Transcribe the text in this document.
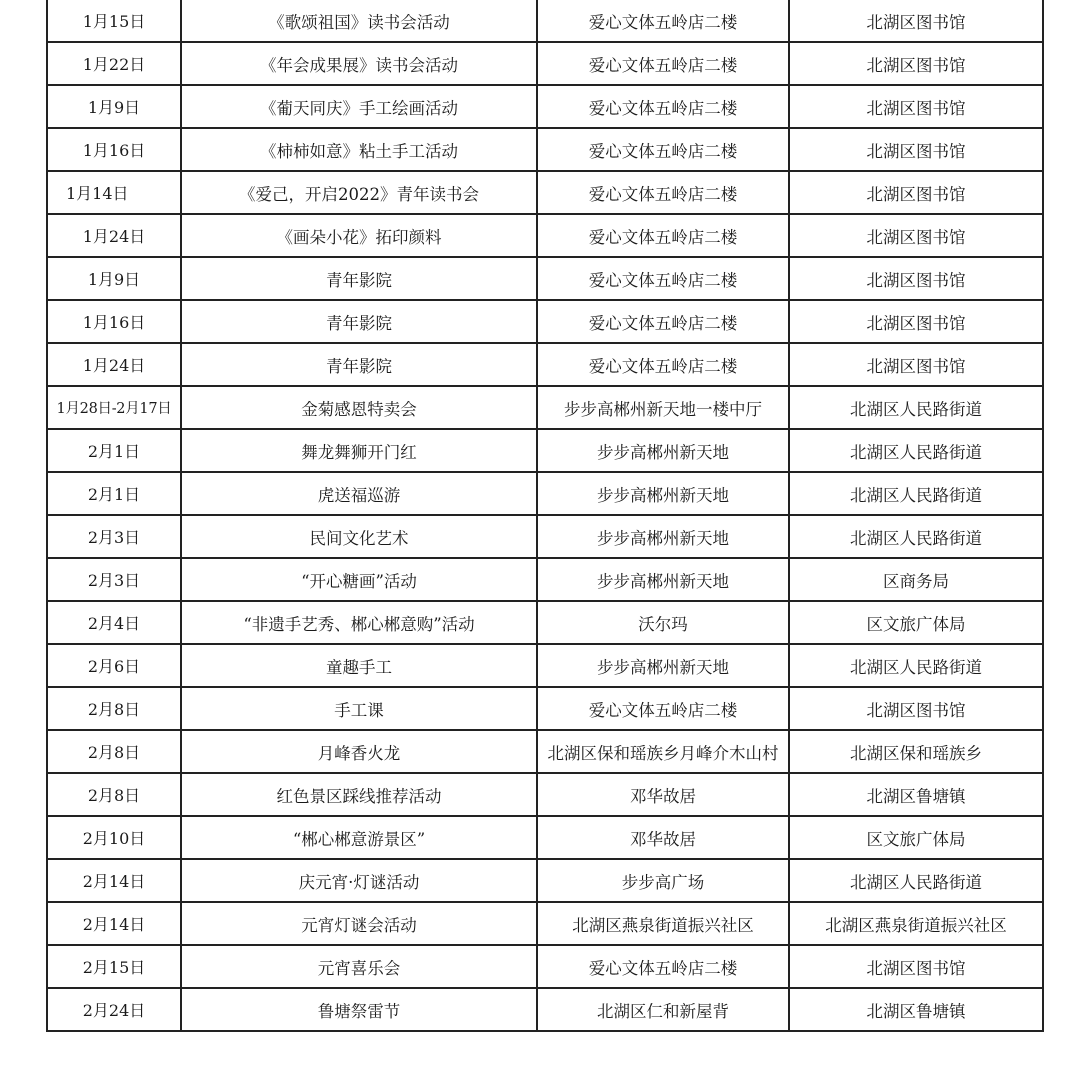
1月15日	《歌颂祖国》读书会活动	爱心文体五岭店二楼	北湖区图书馆
1月22日	《年会成果展》读书会活动	爱心文体五岭店二楼	北湖区图书馆
1月9日	《葡天同庆》手工绘画活动	爱心文体五岭店二楼	北湖区图书馆
1月16日	《柿柿如意》粘土手工活动	爱心文体五岭店二楼	北湖区图书馆
1月14日	《爱己，开启2022》青年读书会	爱心文体五岭店二楼	北湖区图书馆
1月24日	《画朵小花》拓印颜料	爱心文体五岭店二楼	北湖区图书馆
1月9日	青年影院	爱心文体五岭店二楼	北湖区图书馆
1月16日	青年影院	爱心文体五岭店二楼	北湖区图书馆
1月24日	青年影院	爱心文体五岭店二楼	北湖区图书馆
1月28日-2月17日	金菊感恩特卖会	步步高郴州新天地一楼中厅	北湖区人民路街道
2月1日	舞龙舞狮开门红	步步高郴州新天地	北湖区人民路街道
2月1日	虎送福巡游	步步高郴州新天地	北湖区人民路街道
2月3日	民间文化艺术	步步高郴州新天地	北湖区人民路街道
2月3日	“开心糖画”活动	步步高郴州新天地	区商务局
2月4日	“非遗手艺秀、郴心郴意购”活动	沃尔玛	区文旅广体局
2月6日	童趣手工	步步高郴州新天地	北湖区人民路街道
2月8日	手工课	爱心文体五岭店二楼	北湖区图书馆
2月8日	月峰香火龙	北湖区保和瑶族乡月峰介木山村	北湖区保和瑶族乡
2月8日	红色景区踩线推荐活动	邓华故居	北湖区鲁塘镇
2月10日	“郴心郴意游景区”	邓华故居	区文旅广体局
2月14日	庆元宵·灯谜活动	步步高广场	北湖区人民路街道
2月14日	元宵灯谜会活动	北湖区燕泉街道振兴社区	北湖区燕泉街道振兴社区
2月15日	元宵喜乐会	爱心文体五岭店二楼	北湖区图书馆
2月24日	鲁塘祭雷节	北湖区仁和新屋背	北湖区鲁塘镇
